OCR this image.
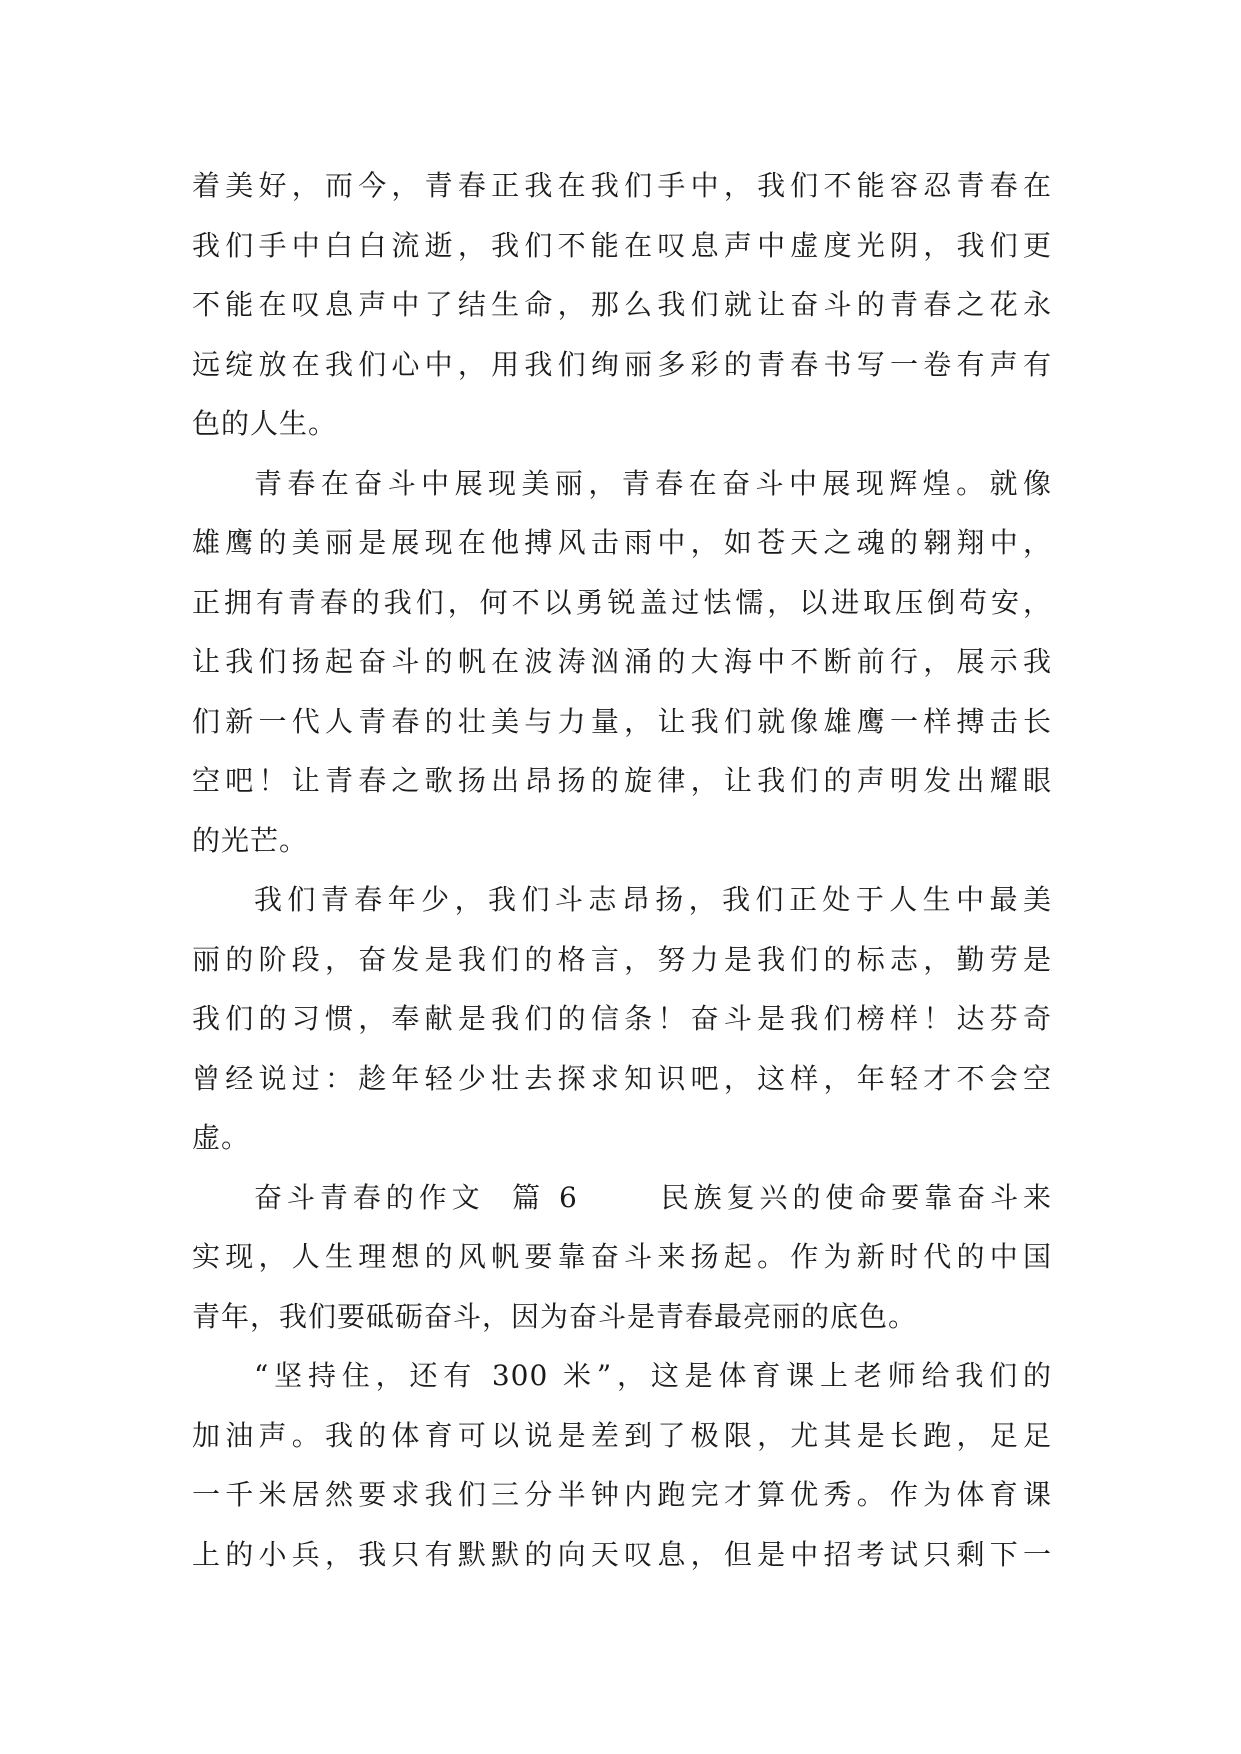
着美好，而今，青春正我在我们手中，我们不能容忍青春在
我们手中白白流逝，我们不能在叹息声中虚度光阴，我们更
不能在叹息声中了结生命，那么我们就让奋斗的青春之花永
远绽放在我们心中，用我们绚丽多彩的青春书写一卷有声有
色的人生。
青春在奋斗中展现美丽，青春在奋斗中展现辉煌。就像
雄鹰的美丽是展现在他搏风击雨中，如苍天之魂的翱翔中，
正拥有青春的我们，何不以勇锐盖过怯懦，以进取压倒苟安，
让我们扬起奋斗的帆在波涛汹涌的大海中不断前行，展示我
们新一代人青春的壮美与力量，让我们就像雄鹰一样搏击长
空吧！让青春之歌扬出昂扬的旋律，让我们的声明发出耀眼
的光芒。
我们青春年少，我们斗志昂扬，我们正处于人生中最美
丽的阶段，奋发是我们的格言，努力是我们的标志，勤劳是
我们的习惯，奉献是我们的信条！奋斗是我们榜样！达芬奇
曾经说过：趁年轻少壮去探求知识吧，这样，年轻才不会空
虚。
奋斗青春的作文  篇 6      民族复兴的使命要靠奋斗来
实现，人生理想的风帆要靠奋斗来扬起。作为新时代的中国
青年，我们要砥砺奋斗，因为奋斗是青春最亮丽的底色。
“坚持住，还有 300 米”，这是体育课上老师给我们的
加油声。我的体育可以说是差到了极限，尤其是长跑，足足
一千米居然要求我们三分半钟内跑完才算优秀。作为体育课
上的小兵，我只有默默的向天叹息，但是中招考试只剩下一
